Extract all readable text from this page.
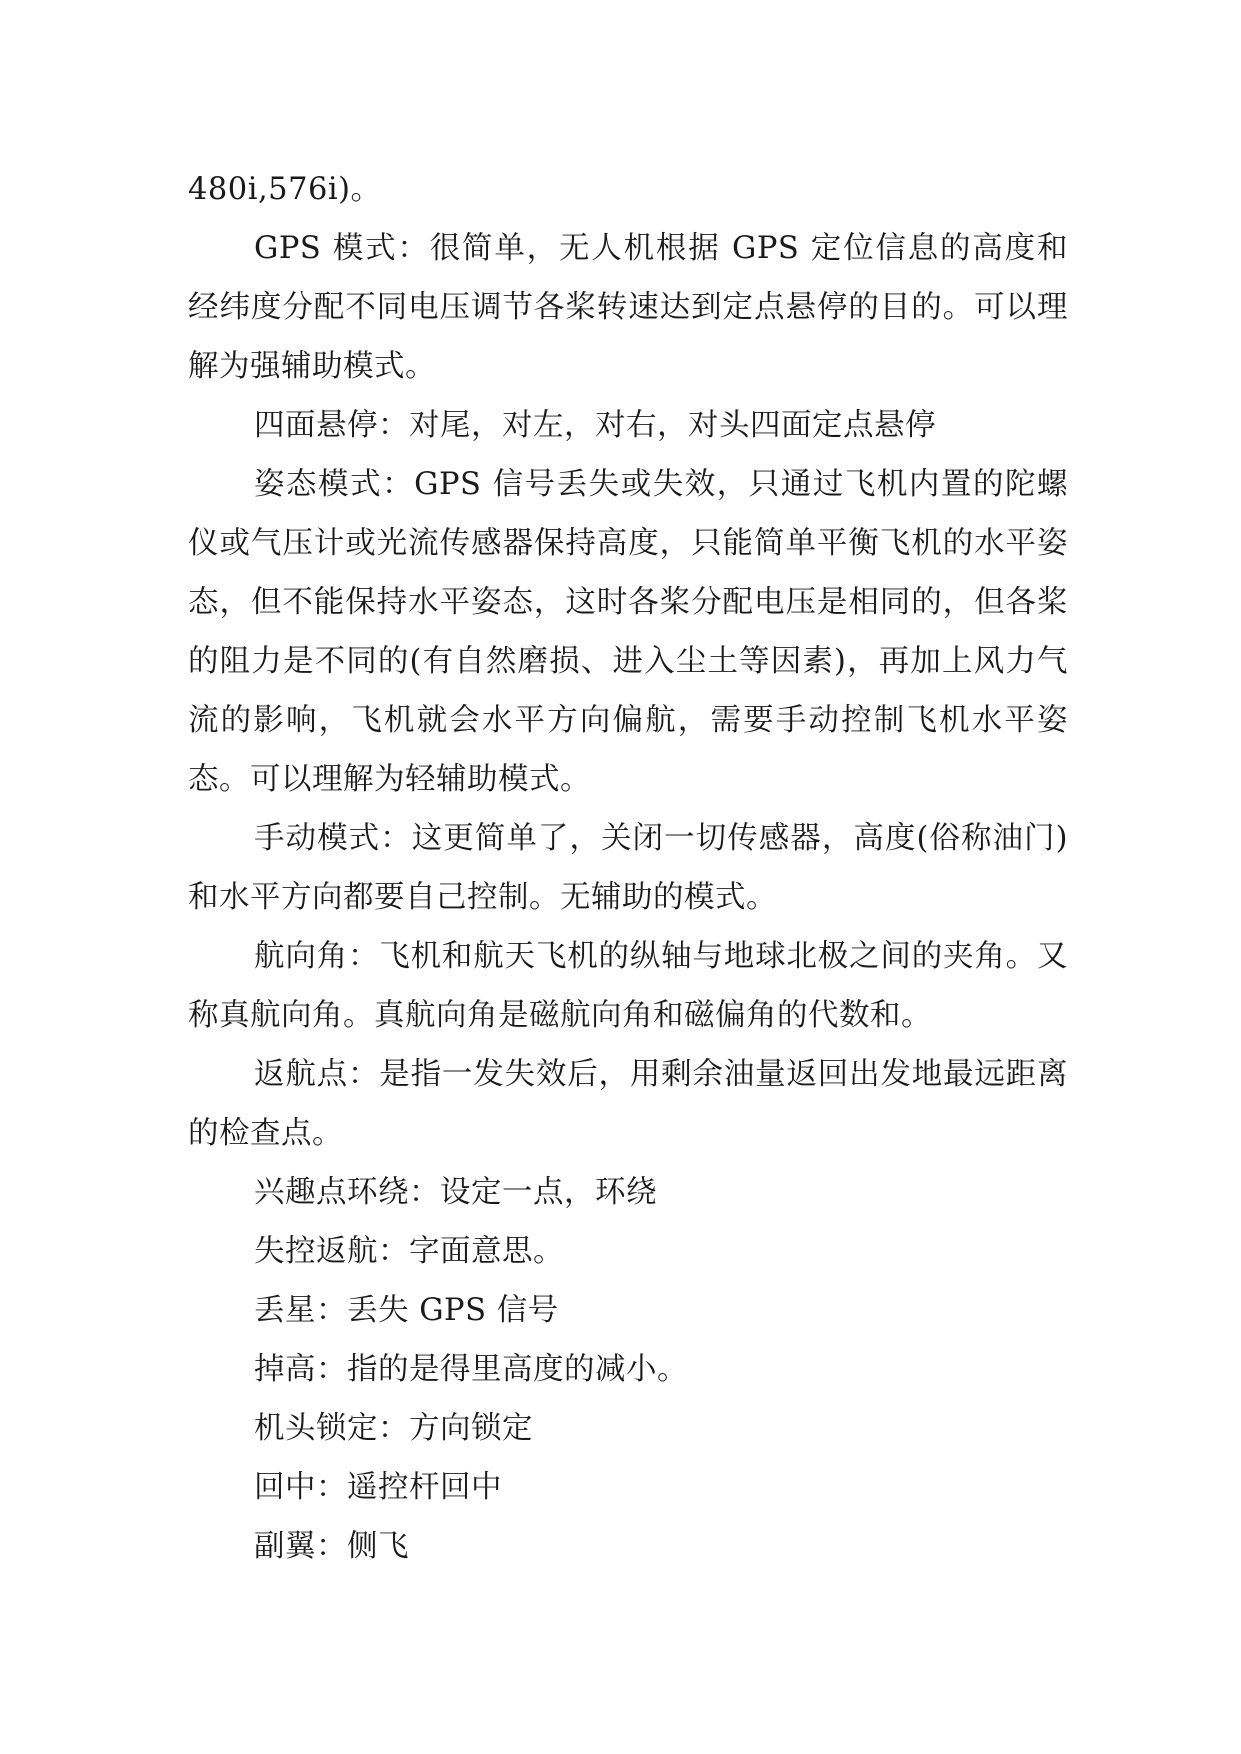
480i,576i)。

GPS 模式：很简单，无人机根据 GPS 定位信息的高度和经纬度分配不同电压调节各桨转速达到定点悬停的目的。可以理解为强辅助模式。

四面悬停：对尾，对左，对右，对头四面定点悬停

姿态模式：GPS 信号丢失或失效，只通过飞机内置的陀螺仪或气压计或光流传感器保持高度，只能简单平衡飞机的水平姿态，但不能保持水平姿态，这时各桨分配电压是相同的，但各桨的阻力是不同的(有自然磨损、进入尘土等因素)，再加上风力气流的影响，飞机就会水平方向偏航，需要手动控制飞机水平姿态。可以理解为轻辅助模式。

手动模式：这更简单了，关闭一切传感器，高度(俗称油门)和水平方向都要自己控制。无辅助的模式。

航向角：飞机和航天飞机的纵轴与地球北极之间的夹角。又称真航向角。真航向角是磁航向角和磁偏角的代数和。

返航点：是指一发失效后，用剩余油量返回出发地最远距离的检查点。

兴趣点环绕：设定一点，环绕

失控返航：字面意思。

丢星：丢失 GPS 信号

掉高：指的是得里高度的减小。

机头锁定：方向锁定

回中：遥控杆回中

副翼：侧飞
